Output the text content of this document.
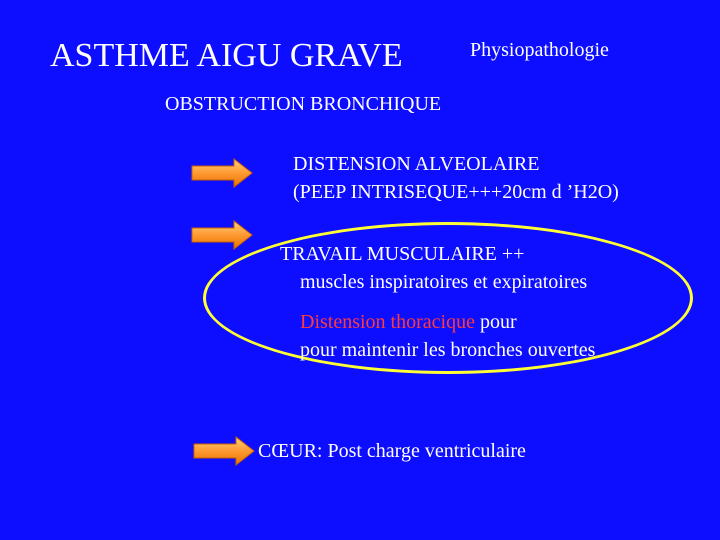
ASTHME AIGU GRAVE	Physiopathologie
OBSTRUCTION BRONCHIQUE
DISTENSION ALVEOLAIRE
(PEEP INTRISEQUE+++20cm d ’H2O)
TRAVAIL MUSCULAIRE ++
muscles inspiratoires et expiratoires
Distension thoracique pour
pour maintenir les bronches ouvertes
CŒUR: Post charge ventriculaire
